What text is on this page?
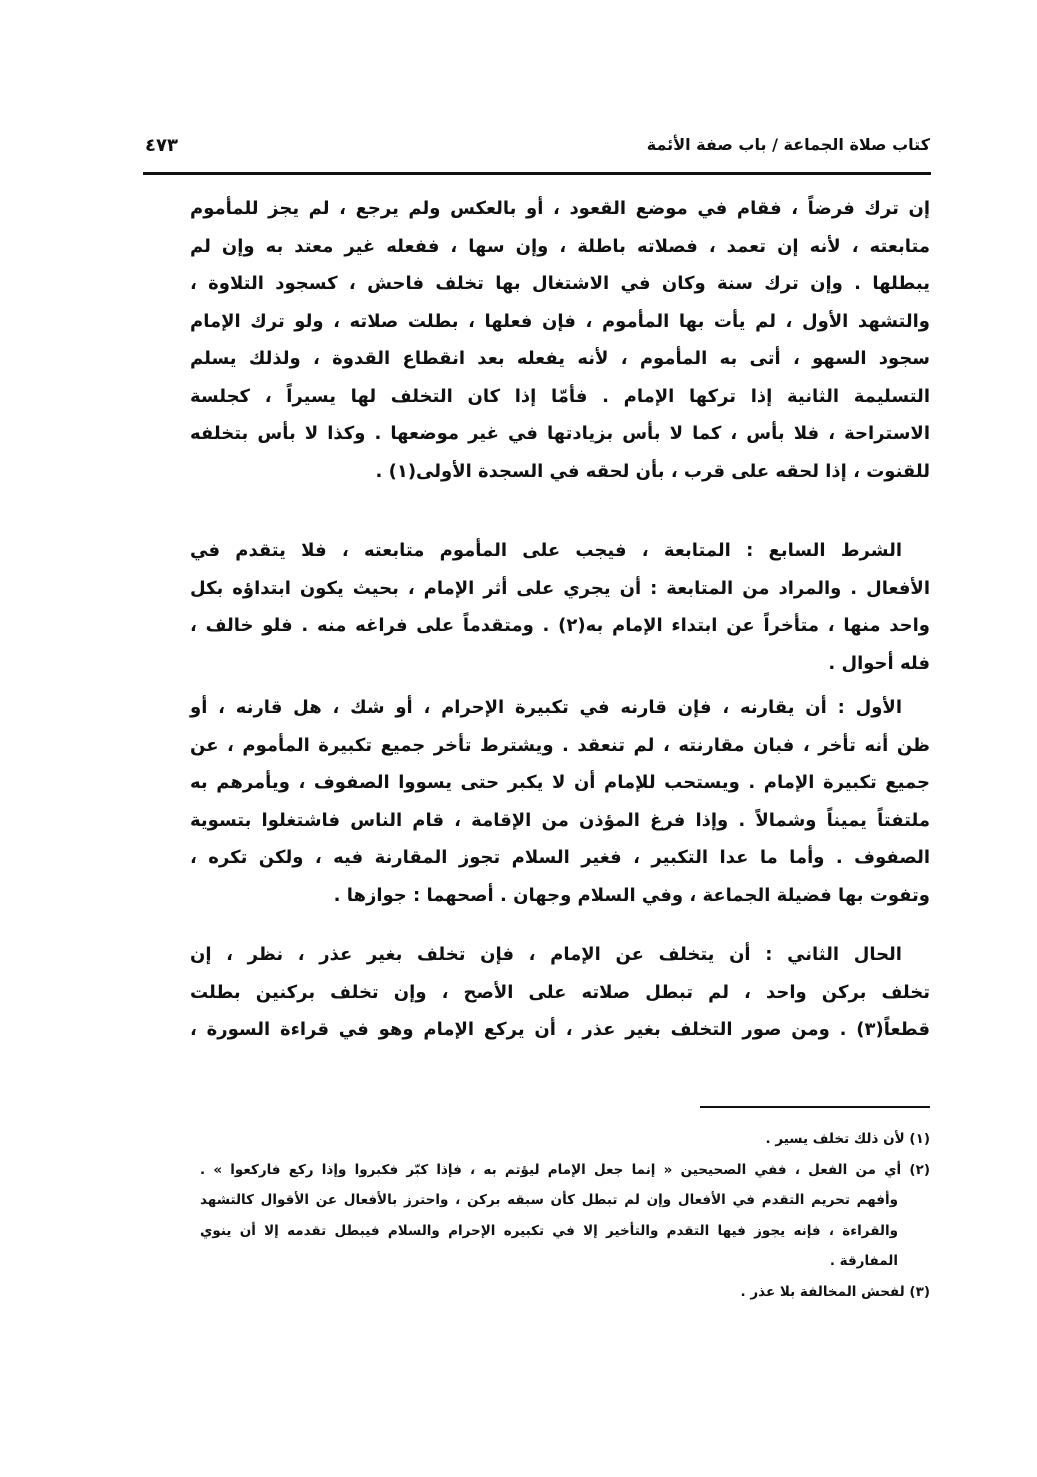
كتاب صلاة الجماعة / باب صفة الأئمة
٤٧٣
إن ترك فرضاً ، فقام في موضع القعود ، أو بالعكس ولم يرجع ، لم يجز للمأموم
متابعته ، لأنه إن تعمد ، فصلاته باطلة ، وإن سها ، ففعله غير معتد به وإن لم
يبطلها . وإن ترك سنة وكان في الاشتغال بها تخلف فاحش ، كسجود التلاوة ،
والتشهد الأول ، لم يأت بها المأموم ، فإن فعلها ، بطلت صلاته ، ولو ترك الإمام
سجود السهو ، أتى به المأموم ، لأنه يفعله بعد انقطاع القدوة ، ولذلك يسلم
التسليمة الثانية إذا تركها الإمام . فأمّا إذا كان التخلف لها يسيراً ، كجلسة
الاستراحة ، فلا بأس ، كما لا بأس بزيادتها في غير موضعها . وكذا لا بأس بتخلفه
للقنوت ، إذا لحقه على قرب ، بأن لحقه في السجدة الأولى(١) .
الشرط السابع : المتابعة ، فيجب على المأموم متابعته ، فلا يتقدم في
الأفعال . والمراد من المتابعة : أن يجري على أثر الإمام ، بحيث يكون ابتداؤه بكل
واحد منها ، متأخراً عن ابتداء الإمام به(٢) . ومتقدماً على فراغه منه . فلو خالف ،
فله أحوال .
الأول : أن يقارنه ، فإن قارنه في تكبيرة الإحرام ، أو شك ، هل قارنه ، أو
ظن أنه تأخر ، فبان مقارنته ، لم تنعقد . ويشترط تأخر جميع تكبيرة المأموم ، عن
جميع تكبيرة الإمام . ويستحب للإمام أن لا يكبر حتى يسووا الصفوف ، ويأمرهم به
ملتفتاً يميناً وشمالاً . وإذا فرغ المؤذن من الإقامة ، قام الناس فاشتغلوا بتسوية
الصفوف . وأما ما عدا التكبير ، فغير السلام تجوز المقارنة فيه ، ولكن تكره ،
وتفوت بها فضيلة الجماعة ، وفي السلام وجهان . أصحهما : جوازها .
الحال الثاني : أن يتخلف عن الإمام ، فإن تخلف بغير عذر ، نظر ، إن
تخلف بركن واحد ، لم تبطل صلاته على الأصح ، وإن تخلف بركنين بطلت
قطعاً(٣) . ومن صور التخلف بغير عذر ، أن يركع الإمام وهو في قراءة السورة ،
(١) لأن ذلك تخلف يسير .
(٢) أي من الفعل ، ففي الصحيحين « إنما جعل الإمام ليؤتم به ، فإذا كبّر فكبروا وإذا ركع فاركعوا » .
وأفهم تحريم التقدم في الأفعال وإن لم تبطل كأن سبقه بركن ، واحترز بالأفعال عن الأقوال كالتشهد
والقراءة ، فإنه يجوز فيها التقدم والتأخير إلا في تكبيره الإحرام والسلام فيبطل تقدمه إلا أن ينوي
المفارقة .
(٣) لفحش المخالفة بلا عذر .
